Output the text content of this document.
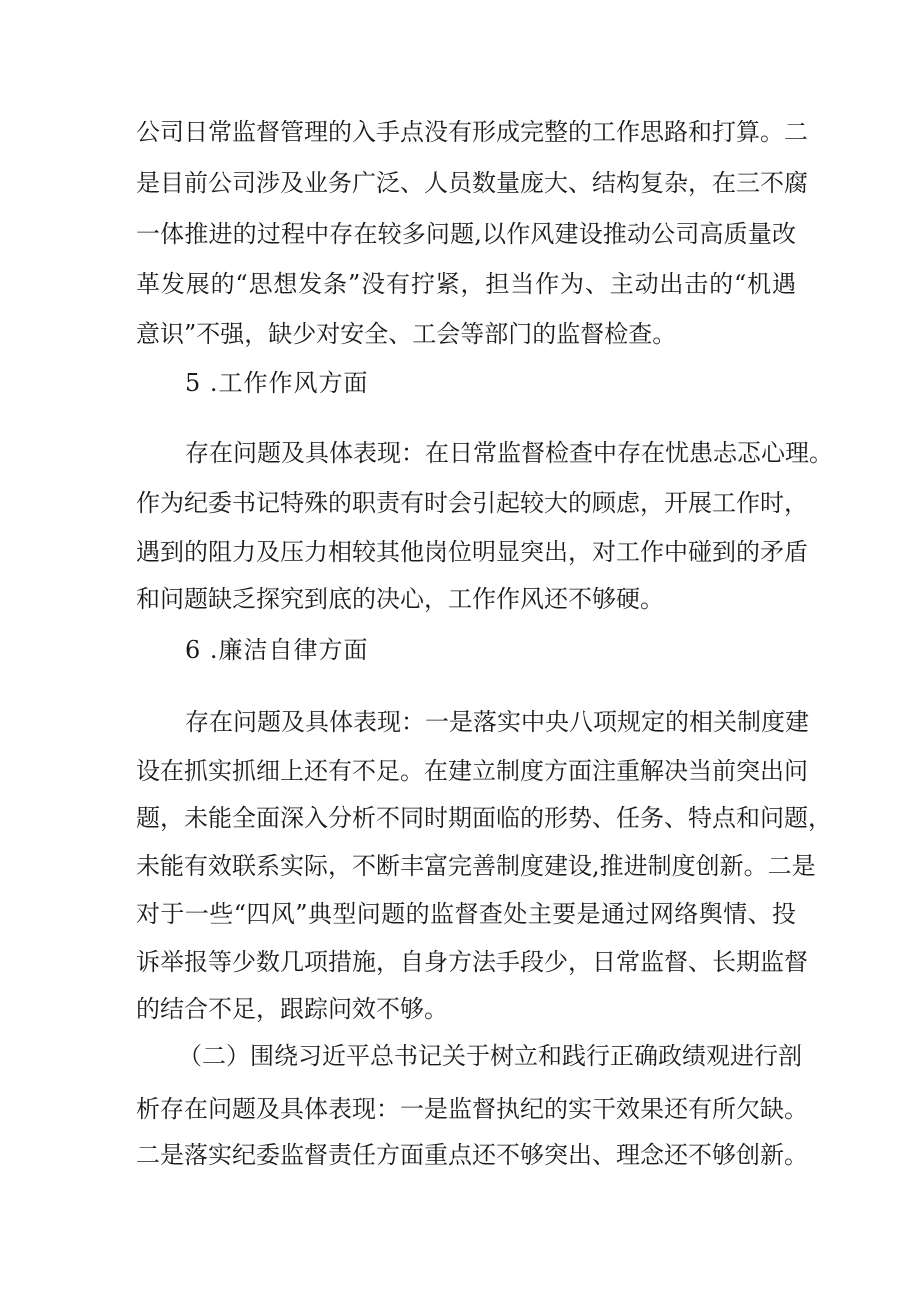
公司日常监督管理的入手点没有形成完整的工作思路和打算。二
是目前公司涉及业务广泛、人员数量庞大、结构复杂，在三不腐
一体推进的过程中存在较多问题,以作风建设推动公司高质量改
革发展的“思想发条”没有拧紧，担当作为、主动出击的“机遇
意识”不强，缺少对安全、工会等部门的监督检查。
5 .工作作风方面
存在问题及具体表现：在日常监督检查中存在忧患忐忑心理。
作为纪委书记特殊的职责有时会引起较大的顾虑，开展工作时，
遇到的阻力及压力相较其他岗位明显突出，对工作中碰到的矛盾
和问题缺乏探究到底的决心，工作作风还不够硬。
6 .廉洁自律方面
存在问题及具体表现：一是落实中央八项规定的相关制度建
设在抓实抓细上还有不足。在建立制度方面注重解决当前突出问
题，未能全面深入分析不同时期面临的形势、任务、特点和问题，
未能有效联系实际，不断丰富完善制度建设,推进制度创新。二是
对于一些“四风”典型问题的监督查处主要是通过网络舆情、投
诉举报等少数几项措施，自身方法手段少，日常监督、长期监督
的结合不足，跟踪问效不够。
（二）围绕习近平总书记关于树立和践行正确政绩观进行剖
析存在问题及具体表现：一是监督执纪的实干效果还有所欠缺。
二是落实纪委监督责任方面重点还不够突出、理念还不够创新。
